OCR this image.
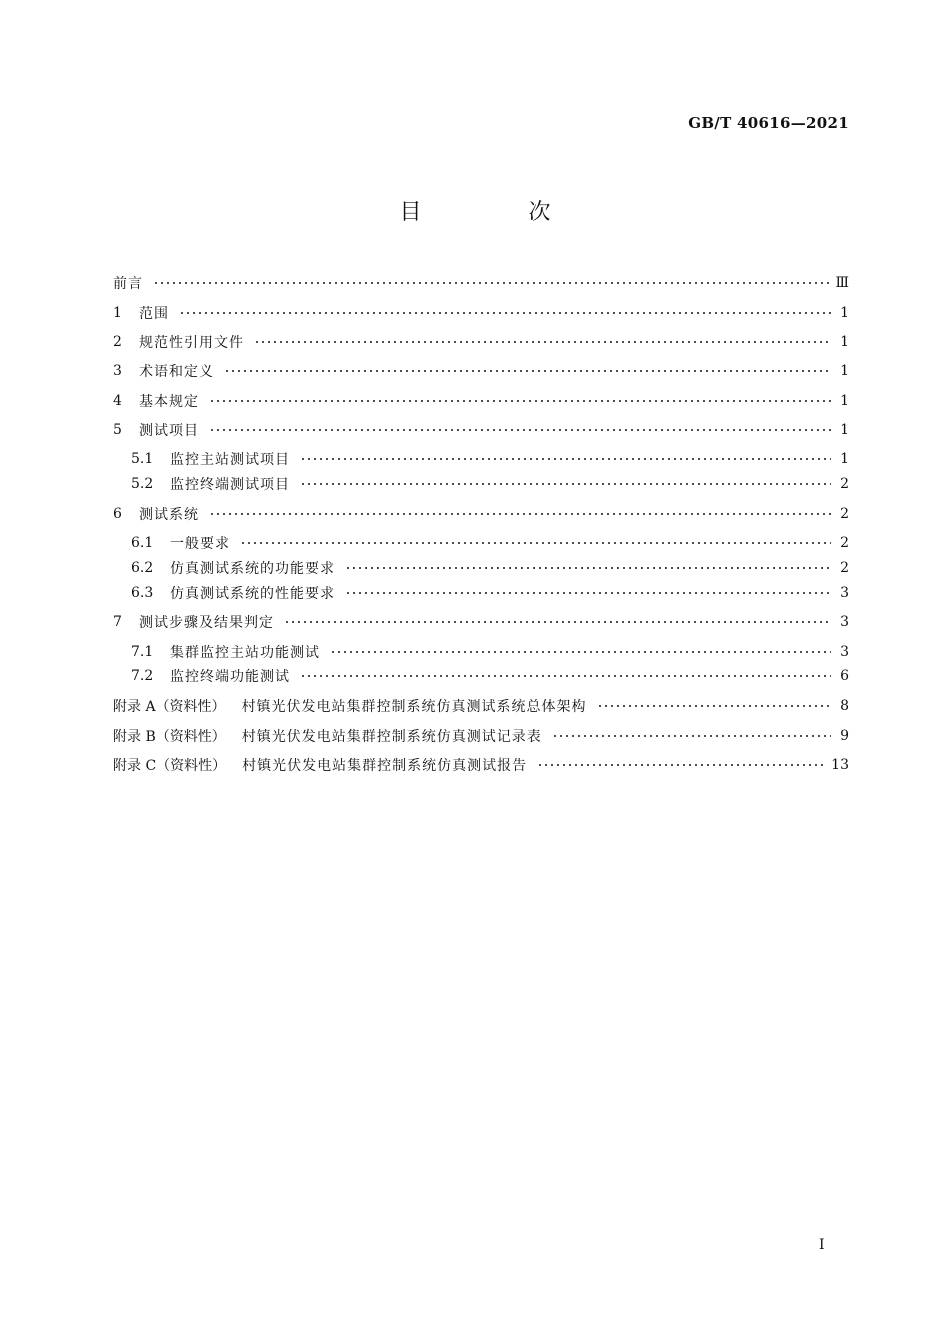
GB/T 40616—2021
目 次
前言	Ⅲ
1	范围	1
2	规范性引用文件	1
3	术语和定义	1
4	基本规定	1
5	测试项目	1
5.1	监控主站测试项目	1
5.2	监控终端测试项目	2
6	测试系统	2
6.1	一般要求	2
6.2	仿真测试系统的功能要求	2
6.3	仿真测试系统的性能要求	3
7	测试步骤及结果判定	3
7.1	集群监控主站功能测试	3
7.2	监控终端功能测试	6
附录 A（资料性） 村镇光伏发电站集群控制系统仿真测试系统总体架构	8
附录 B（资料性） 村镇光伏发电站集群控制系统仿真测试记录表	9
附录 C（资料性） 村镇光伏发电站集群控制系统仿真测试报告	13
Ⅰ
